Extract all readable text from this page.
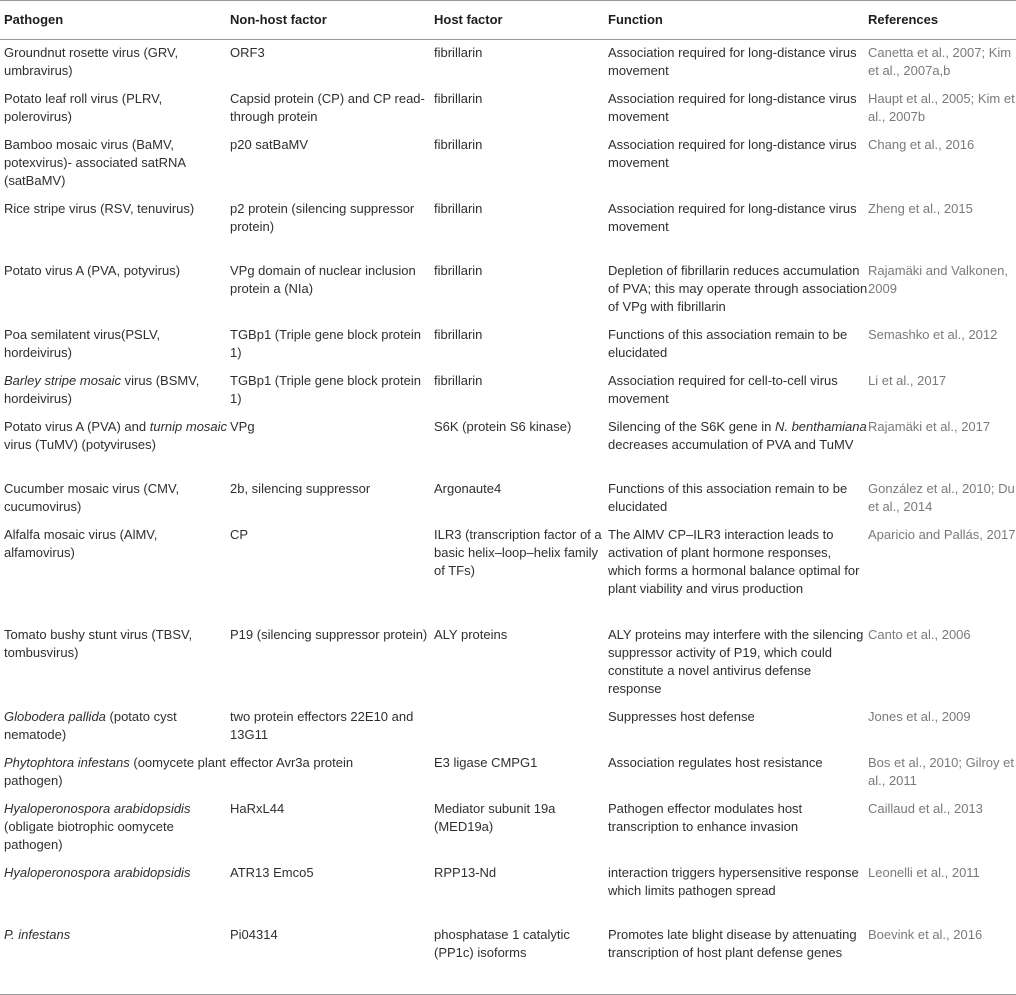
Pathogen	Non-host factor	Host factor	Function	References

Groundnut rosette virus (GRV, umbravirus)	ORF3	fibrillarin	Association required for long-distance virus movement	Canetta et al., 2007; Kim et al., 2007a,b

Potato leaf roll virus (PLRV, polerovirus)	Capsid protein (CP) and CP read-through protein	fibrillarin	Association required for long-distance virus movement	Haupt et al., 2005; Kim et al., 2007b

Bamboo mosaic virus (BaMV, potexvirus)- associated satRNA (satBaMV)	p20 satBaMV	fibrillarin	Association required for long-distance virus movement	Chang et al., 2016

Rice stripe virus (RSV, tenuvirus)	p2 protein (silencing suppressor protein)	fibrillarin	Association required for long-distance virus movement	Zheng et al., 2015

Potato virus A (PVA, potyvirus)	VPg domain of nuclear inclusion protein a (NIa)	fibrillarin	Depletion of fibrillarin reduces accumulation of PVA; this may operate through association of VPg with fibrillarin	Rajamäki and Valkonen, 2009

Poa semilatent virus(PSLV, hordeivirus)	TGBp1 (Triple gene block protein 1)	fibrillarin	Functions of this association remain to be elucidated	Semashko et al., 2012

Barley stripe mosaic virus (BSMV, hordeivirus)	TGBp1 (Triple gene block protein 1)	fibrillarin	Association required for cell-to-cell virus movement	Li et al., 2017

Potato virus A (PVA) and turnip mosaic virus (TuMV) (potyviruses)	VPg	S6K (protein S6 kinase)	Silencing of the S6K gene in N. benthamiana decreases accumulation of PVA and TuMV	Rajamäki et al., 2017

Cucumber mosaic virus (CMV, cucumovirus)	2b, silencing suppressor	Argonaute4	Functions of this association remain to be elucidated	González et al., 2010; Du et al., 2014

Alfalfa mosaic virus (AlMV, alfamovirus)	CP	ILR3 (transcription factor of a basic helix–loop–helix family of TFs)	The AlMV CP–ILR3 interaction leads to activation of plant hormone responses, which forms a hormonal balance optimal for plant viability and virus production	Aparicio and Pallás, 2017

Tomato bushy stunt virus (TBSV, tombusvirus)	P19 (silencing suppressor protein)	ALY proteins	ALY proteins may interfere with the silencing suppressor activity of P19, which could constitute a novel antivirus defense response	Canto et al., 2006

Globodera pallida (potato cyst nematode)	two protein effectors 22E10 and 13G11		Suppresses host defense	Jones et al., 2009

Phytophtora infestans (oomycete plant pathogen)	effector Avr3a protein	E3 ligase CMPG1	Association regulates host resistance	Bos et al., 2010; Gilroy et al., 2011

Hyaloperonospora arabidopsidis (obligate biotrophic oomycete pathogen)	HaRxL44	Mediator subunit 19a (MED19a)	Pathogen effector modulates host transcription to enhance invasion	Caillaud et al., 2013

Hyaloperonospora arabidopsidis	ATR13 Emco5	RPP13-Nd	interaction triggers hypersensitive response which limits pathogen spread	Leonelli et al., 2011

P. infestans	Pi04314	phosphatase 1 catalytic (PP1c) isoforms	Promotes late blight disease by attenuating transcription of host plant defense genes	Boevink et al., 2016
